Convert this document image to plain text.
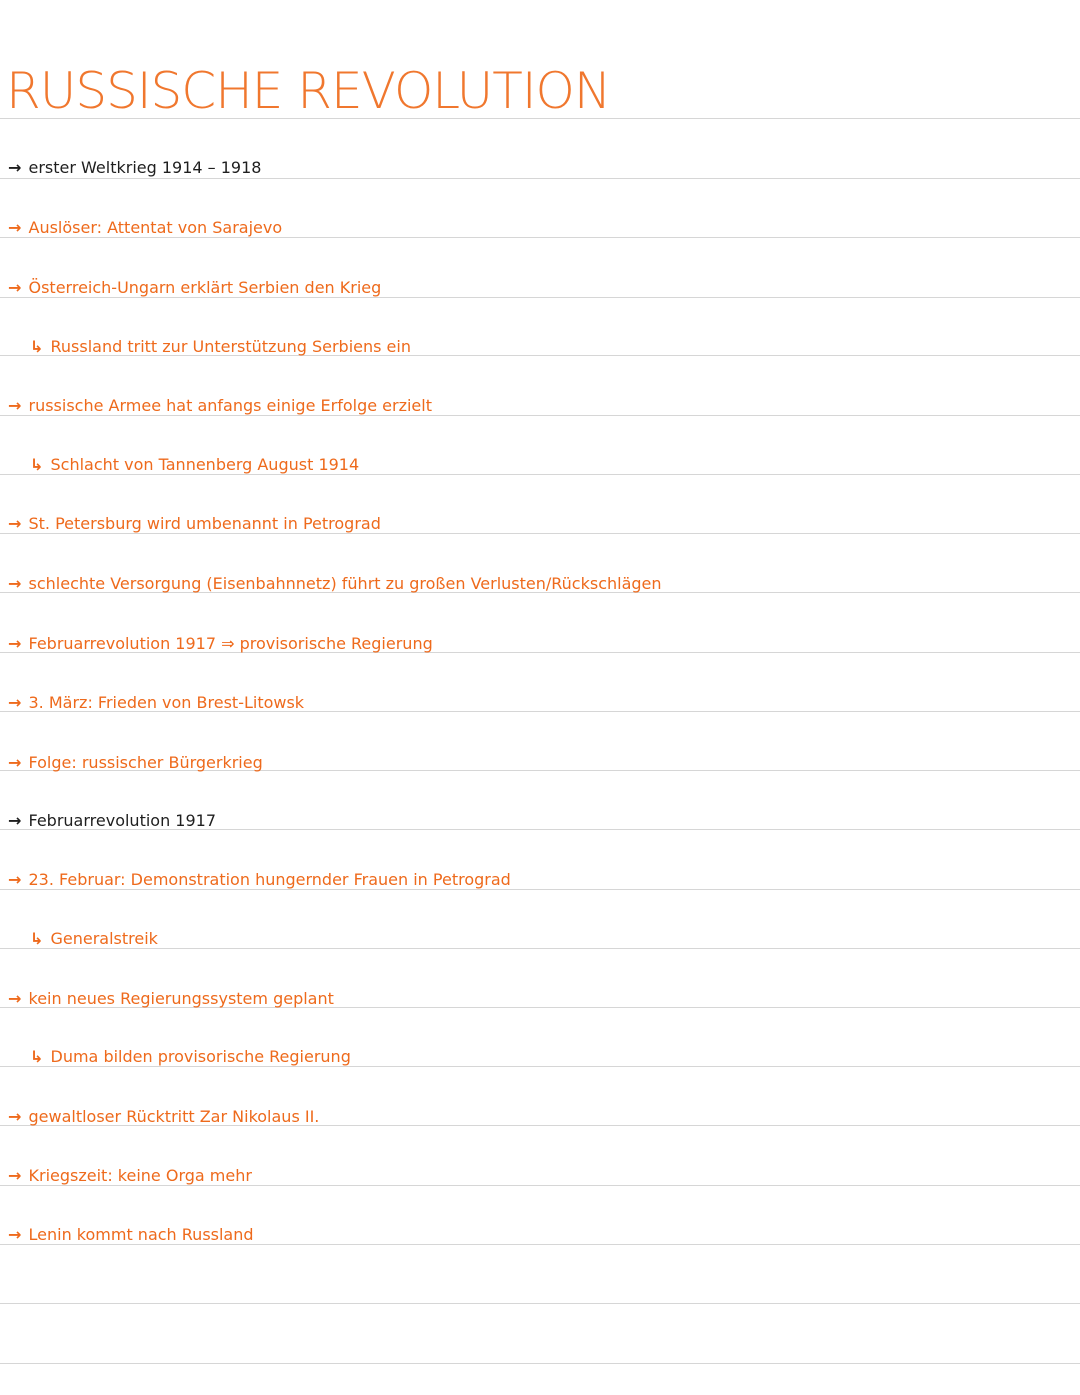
RUSSISCHE REVOLUTION
→ erster Weltkrieg 1914 – 1918
→ Auslöser: Attentat von Sarajevo
→ Österreich-Ungarn erklärt Serbien den Krieg
↳ Russland tritt zur Unterstützung Serbiens ein
→ russische Armee hat anfangs einige Erfolge erzielt
↳ Schlacht von Tannenberg August 1914
→ St. Petersburg wird umbenannt in Petrograd
→ schlechte Versorgung (Eisenbahnnetz) führt zu großen Verlusten/Rückschlägen
→ Februarrevolution 1917 ⇒ provisorische Regierung
→ 3. März: Frieden von Brest-Litowsk
→ Folge: russischer Bürgerkrieg
→ Februarrevolution 1917
→ 23. Februar: Demonstration hungernder Frauen in Petrograd
↳ Generalstreik
→ kein neues Regierungssystem geplant
↳ Duma bilden provisorische Regierung
→ gewaltloser Rücktritt Zar Nikolaus II.
→ Kriegszeit: keine Orga mehr
→ Lenin kommt nach Russland
